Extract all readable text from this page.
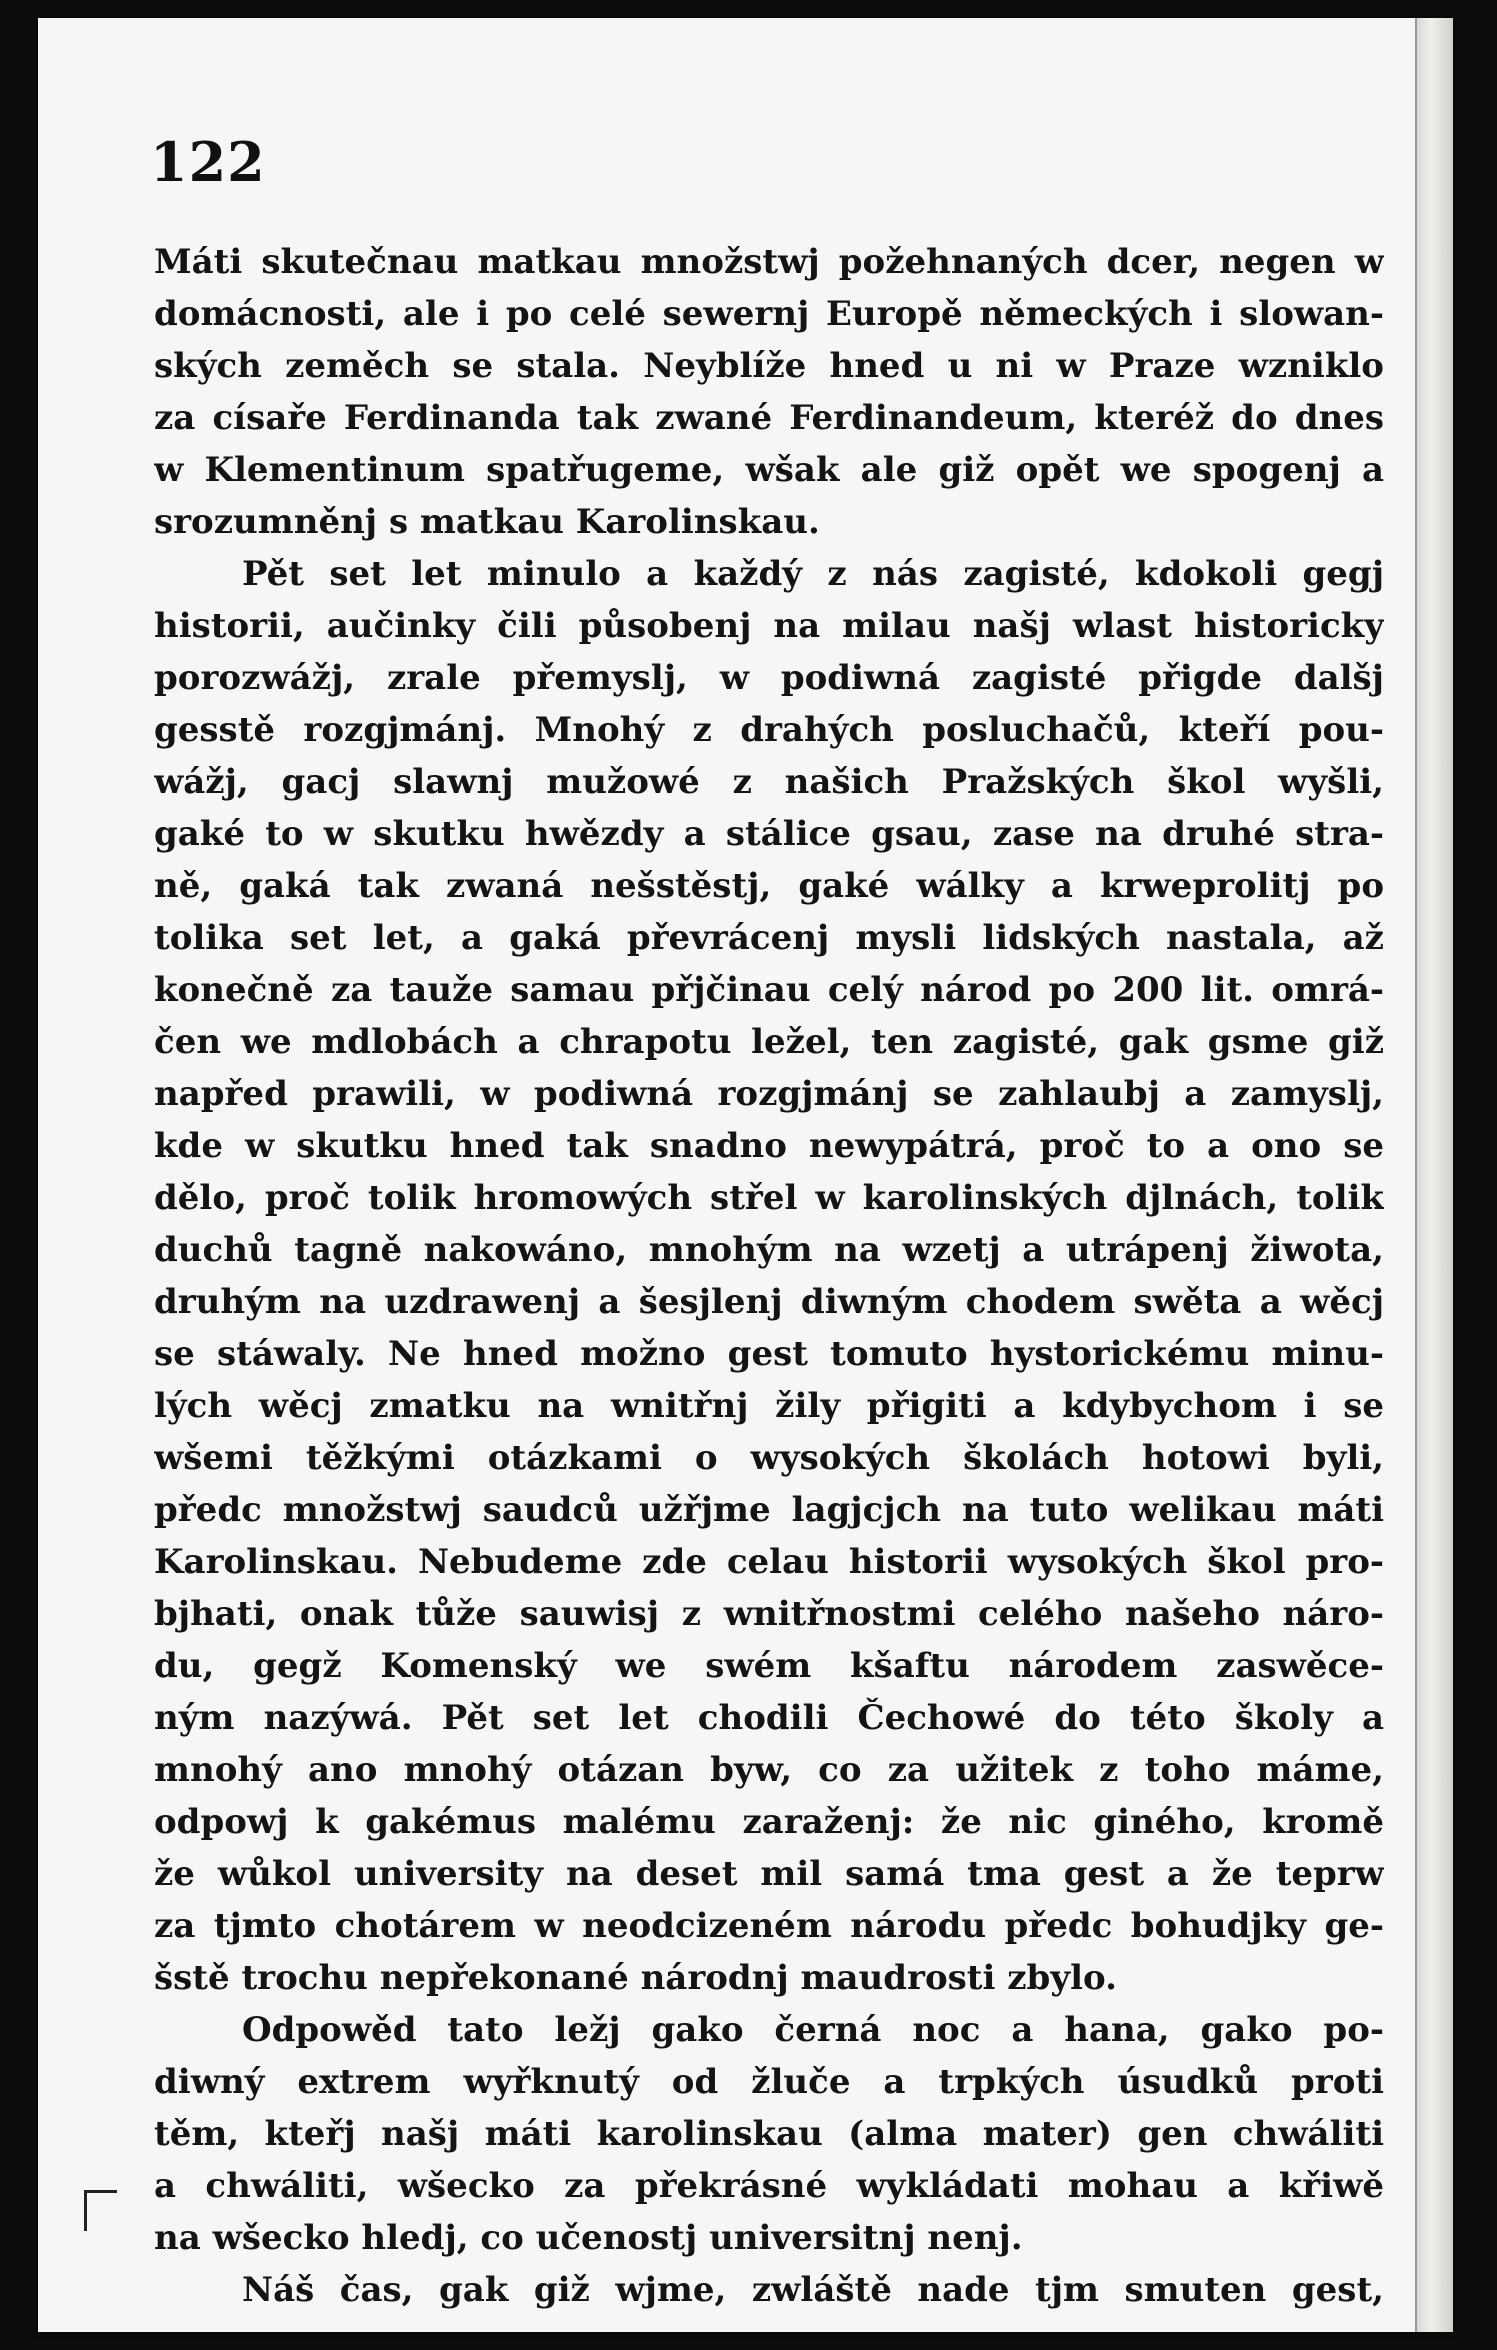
122
Máti skutečnau matkau množstwj požehnaných dcer, negen w
domácnosti, ale i po celé sewernj Europě německých i slowan-
ských zeměch se stala. Neyblíže hned u ni w Praze wzniklo
za císaře Ferdinanda tak zwané Ferdinandeum, kteréž do dnes
w Klementinum spatřugeme, wšak ale giž opět we spogenj a
srozumněnj s matkau Karolinskau.
Pět set let minulo a každý z nás zagisté, kdokoli gegj
historii, aučinky čili působenj na milau našj wlast historicky
porozwážj, zrale přemyslj, w podiwná zagisté přigde dalšj
gesstě rozgjmánj. Mnohý z drahých posluchačů, kteří pou-
wážj, gacj slawnj mužowé z našich Pražských škol wyšli,
gaké to w skutku hwězdy a stálice gsau, zase na druhé stra-
ně, gaká tak zwaná nešstěstj, gaké wálky a krweprolitj po
tolika set let, a gaká převrácenj mysli lidských nastala, až
konečně za tauže samau přjčinau celý národ po 200 lit. omrá-
čen we mdlobách a chrapotu ležel, ten zagisté, gak gsme giž
napřed prawili, w podiwná rozgjmánj se zahlaubj a zamyslj,
kde w skutku hned tak snadno newypátrá, proč to a ono se
dělo, proč tolik hromowých střel w karolinských djlnách, tolik
duchů tagně nakowáno, mnohým na wzetj a utrápenj žiwota,
druhým na uzdrawenj a šesjlenj diwným chodem swěta a wěcj
se stáwaly. Ne hned možno gest tomuto hystorickému minu-
lých wěcj zmatku na wnitřnj žily přigiti a kdybychom i se
wšemi těžkými otázkami o wysokých školách hotowi byli,
předc množstwj saudců užřjme lagjcjch na tuto welikau máti
Karolinskau. Nebudeme zde celau historii wysokých škol pro-
bjhati, onak tůže sauwisj z wnitřnostmi celého našeho náro-
du, gegž Komenský we swém kšaftu národem zaswěce-
ným nazýwá. Pět set let chodili Čechowé do této školy a
mnohý ano mnohý otázan byw, co za užitek z toho máme,
odpowj k gakémus malému zaraženj: že nic giného, kromě
že wůkol university na deset mil samá tma gest a že teprw
za tjmto chotárem w neodcizeném národu předc bohudjky ge-
šstě trochu nepřekonané národnj maudrosti zbylo.
Odpowěd tato ležj gako černá noc a hana, gako po-
diwný extrem wyřknutý od žluče a trpkých úsudků proti
těm, kteřj našj máti karolinskau (alma mater) gen chwáliti
a chwáliti, wšecko za překrásné wykládati mohau a křiwě
na wšecko hledj, co učenostj universitnj nenj.
Náš čas, gak giž wjme, zwláště nade tjm smuten gest,
